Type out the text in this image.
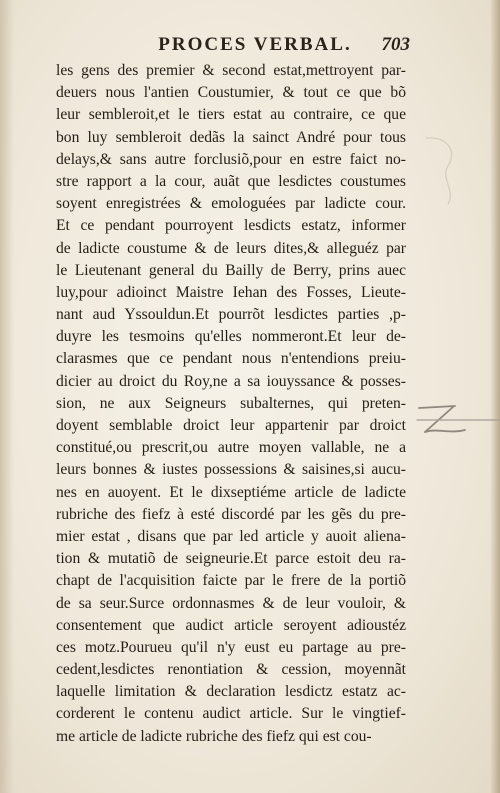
PROCES VERBAL.	703
les gens des premier & second estat,mettroyent par-
deuers nous l'antien Coustumier, & tout ce que bõ
leur sembleroit,et le tiers estat au contraire, ce que
bon luy sembleroit dedãs la sainct André pour tous
delays,& sans autre forclusiõ,pour en estre faict no-
stre rapport a la cour, auãt que lesdictes coustumes
soyent enregistrées & emologuées par ladicte cour.
Et ce pendant pourroyent lesdicts estatz, informer
de ladicte coustume & de leurs dites,& alleguéz par
le Lieutenant general du Bailly de Berry, prins auec
luy,pour adioinct Maistre Iehan des Fosses, Lieute-
nant aud Yssouldun.Et pourrõt lesdictes parties ,p-
duyre les tesmoins qu'elles nommeront.Et leur de-
clarasmes que ce pendant nous n'entendions preiu-
dicier au droict du Roy,ne a sa iouyssance & posses-
sion, ne aux Seigneurs subalternes, qui preten-
doyent semblable droict leur appartenir par droict
constitué,ou prescrit,ou autre moyen vallable, ne a
leurs bonnes & iustes possessions & saisines,si aucu-
nes en auoyent. Et le dixseptiéme article de ladicte
rubriche des fiefz à esté discordé par les gẽs du pre-
mier estat , disans que par led article y auoit aliena-
tion & mutatiõ de seigneurie.Et parce estoit deu ra-
chapt de l'acquisition faicte par le frere de la portiõ
de sa seur.Surce ordonnasmes & de leur vouloir, &
consentement que audict article seroyent adioustéz
ces motz.Pourueu qu'il n'y eust eu partage au pre-
cedent,lesdictes renontiation & cession, moyennãt
laquelle limitation & declaration lesdictz estatz ac-
corderent le contenu audict article. Sur le vingtief-
me article de ladicte rubriche des fiefz qui est cou-
